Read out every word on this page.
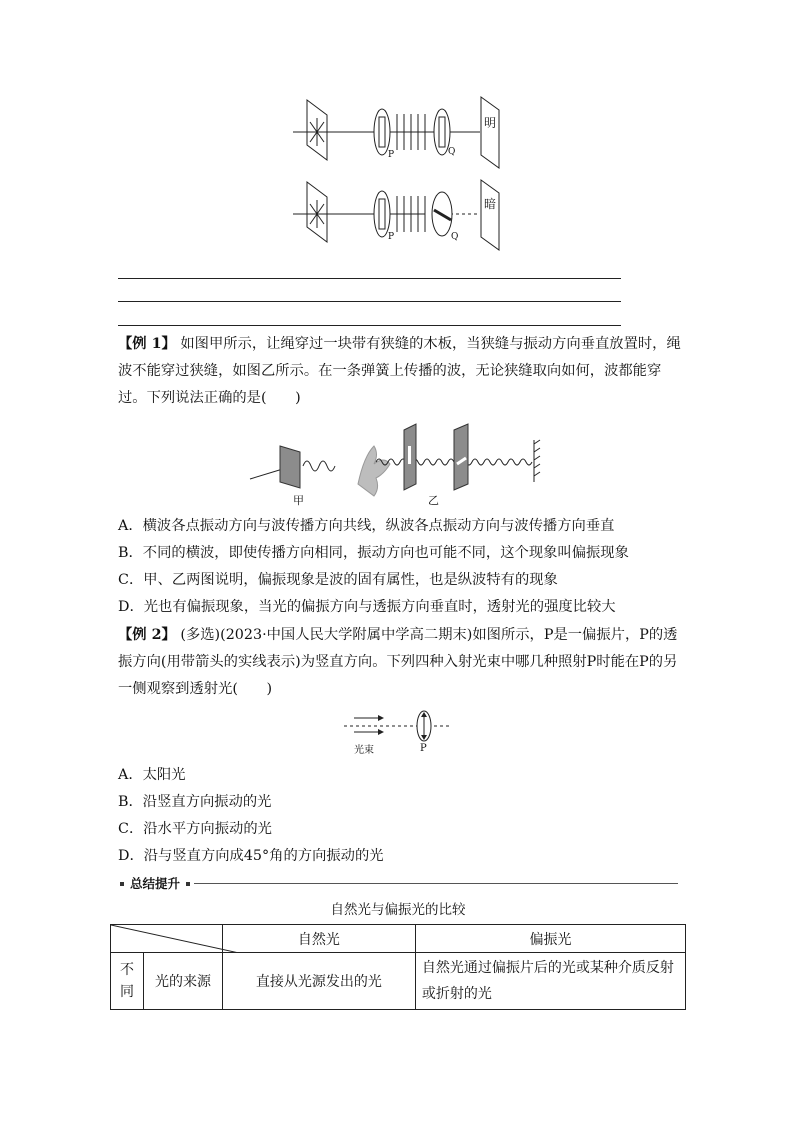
明
暗
P	Q
P	Q

【例 1】 如图甲所示，让绳穿过一块带有狭缝的木板，当狭缝与振动方向垂直放置时，绳波不能穿过狭缝，如图乙所示。在一条弹簧上传播的波，无论狭缝取向如何，波都能穿过。下列说法正确的是(　　)

甲	乙
A．横波各点振动方向与波传播方向共线，纵波各点振动方向与波传播方向垂直
B．不同的横波，即使传播方向相同，振动方向也可能不同，这个现象叫偏振现象
C．甲、乙两图说明，偏振现象是波的固有属性，也是纵波特有的现象
D．光也有偏振现象，当光的偏振方向与透振方向垂直时，透射光的强度比较大

【例 2】 (多选)(2023·中国人民大学附属中学高二期末)如图所示，P是一偏振片，P的透振方向(用带箭头的实线表示)为竖直方向。下列四种入射光束中哪几种照射P时能在P的另一侧观察到透射光(　　)

光束	P
A．太阳光
B．沿竖直方向振动的光
C．沿水平方向振动的光
D．沿与竖直方向成45°角的方向振动的光
总结提升
自然光与偏振光的比较
	自然光	偏振光
不同	光的来源	直接从光源发出的光	自然光通过偏振片后的光或某种介质反射或折射的光
